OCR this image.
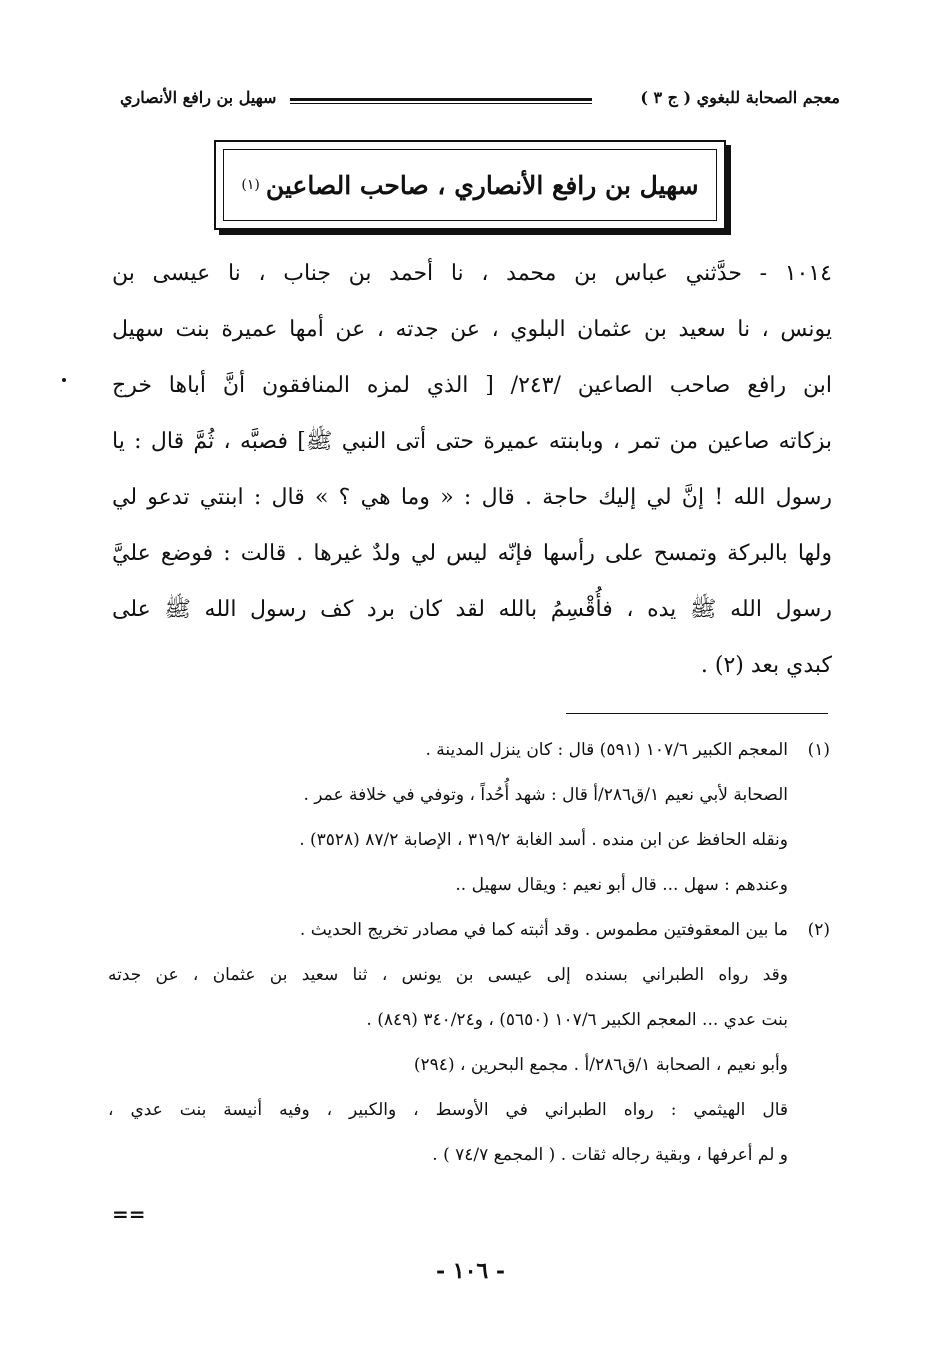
معجم الصحابة للبغوي ( ج ٣ )
سهيل بن رافع الأنصاري
سهيل بن رافع الأنصاري ، صاحب الصاعين
(١)
١٠١٤ - حدَّثني عباس بن محمد ، نا أحمد بن جناب ، نا عيسى بن
يونس ، نا سعيد بن عثمان البلوي ، عن جدته ، عن أمها عميرة بنت سهيل
ابن رافع صاحب الصاعين /٢٤٣/ [ الذي لمزه المنافقون أنَّ أباها خرج
بزكاته صاعين من تمر ، وبابنته عميرة حتى أتى النبي ﷺ] فصبَّه ، ثُمَّ قال : يا
رسول الله ! إنَّ لي إليك حاجة . قال : « وما هي ؟ » قال : ابنتي تدعو لي
ولها بالبركة وتمسح على رأسها فإنّه ليس لي ولدٌ غيرها . قالت : فوضع عليَّ
رسول الله ﷺ يده ، فأُقْسِمُ بالله لقد كان برد كف رسول الله ﷺ على
كبدي بعد (٢) .
(١)المعجم الكبير ١٠٧/٦ (٥٩١) قال : كان ينزل المدينة .
الصحابة لأبي نعيم ١/ق٢٨٦/أ قال : شهد أُحُداً ، وتوفي في خلافة عمر .
ونقله الحافظ عن ابن منده . أسد الغابة ٣١٩/٢ ، الإصابة ٨٧/٢ (٣٥٢٨) .
وعندهم : سهل ... قال أبو نعيم : ويقال سهيل ..
(٢)ما بين المعقوفتين مطموس . وقد أثبته كما في مصادر تخريج الحديث .
وقد رواه الطبراني بسنده إلى عيسى بن يونس ، ثنا سعيد بن عثمان ، عن جدته
بنت عدي ... المعجم الكبير ١٠٧/٦ (٥٦٥٠) ، و٣٤٠/٢٤ (٨٤٩) .
وأبو نعيم ، الصحابة ١/ق٢٨٦/أ . مجمع البحرين ، (٢٩٤)
قال الهيثمي : رواه الطبراني في الأوسط ، والكبير ، وفيه أنيسة بنت عدي ،
و لم أعرفها ، وبقية رجاله ثقات . ( المجمع ٧٤/٧ ) .
==
- ١٠٦ -
